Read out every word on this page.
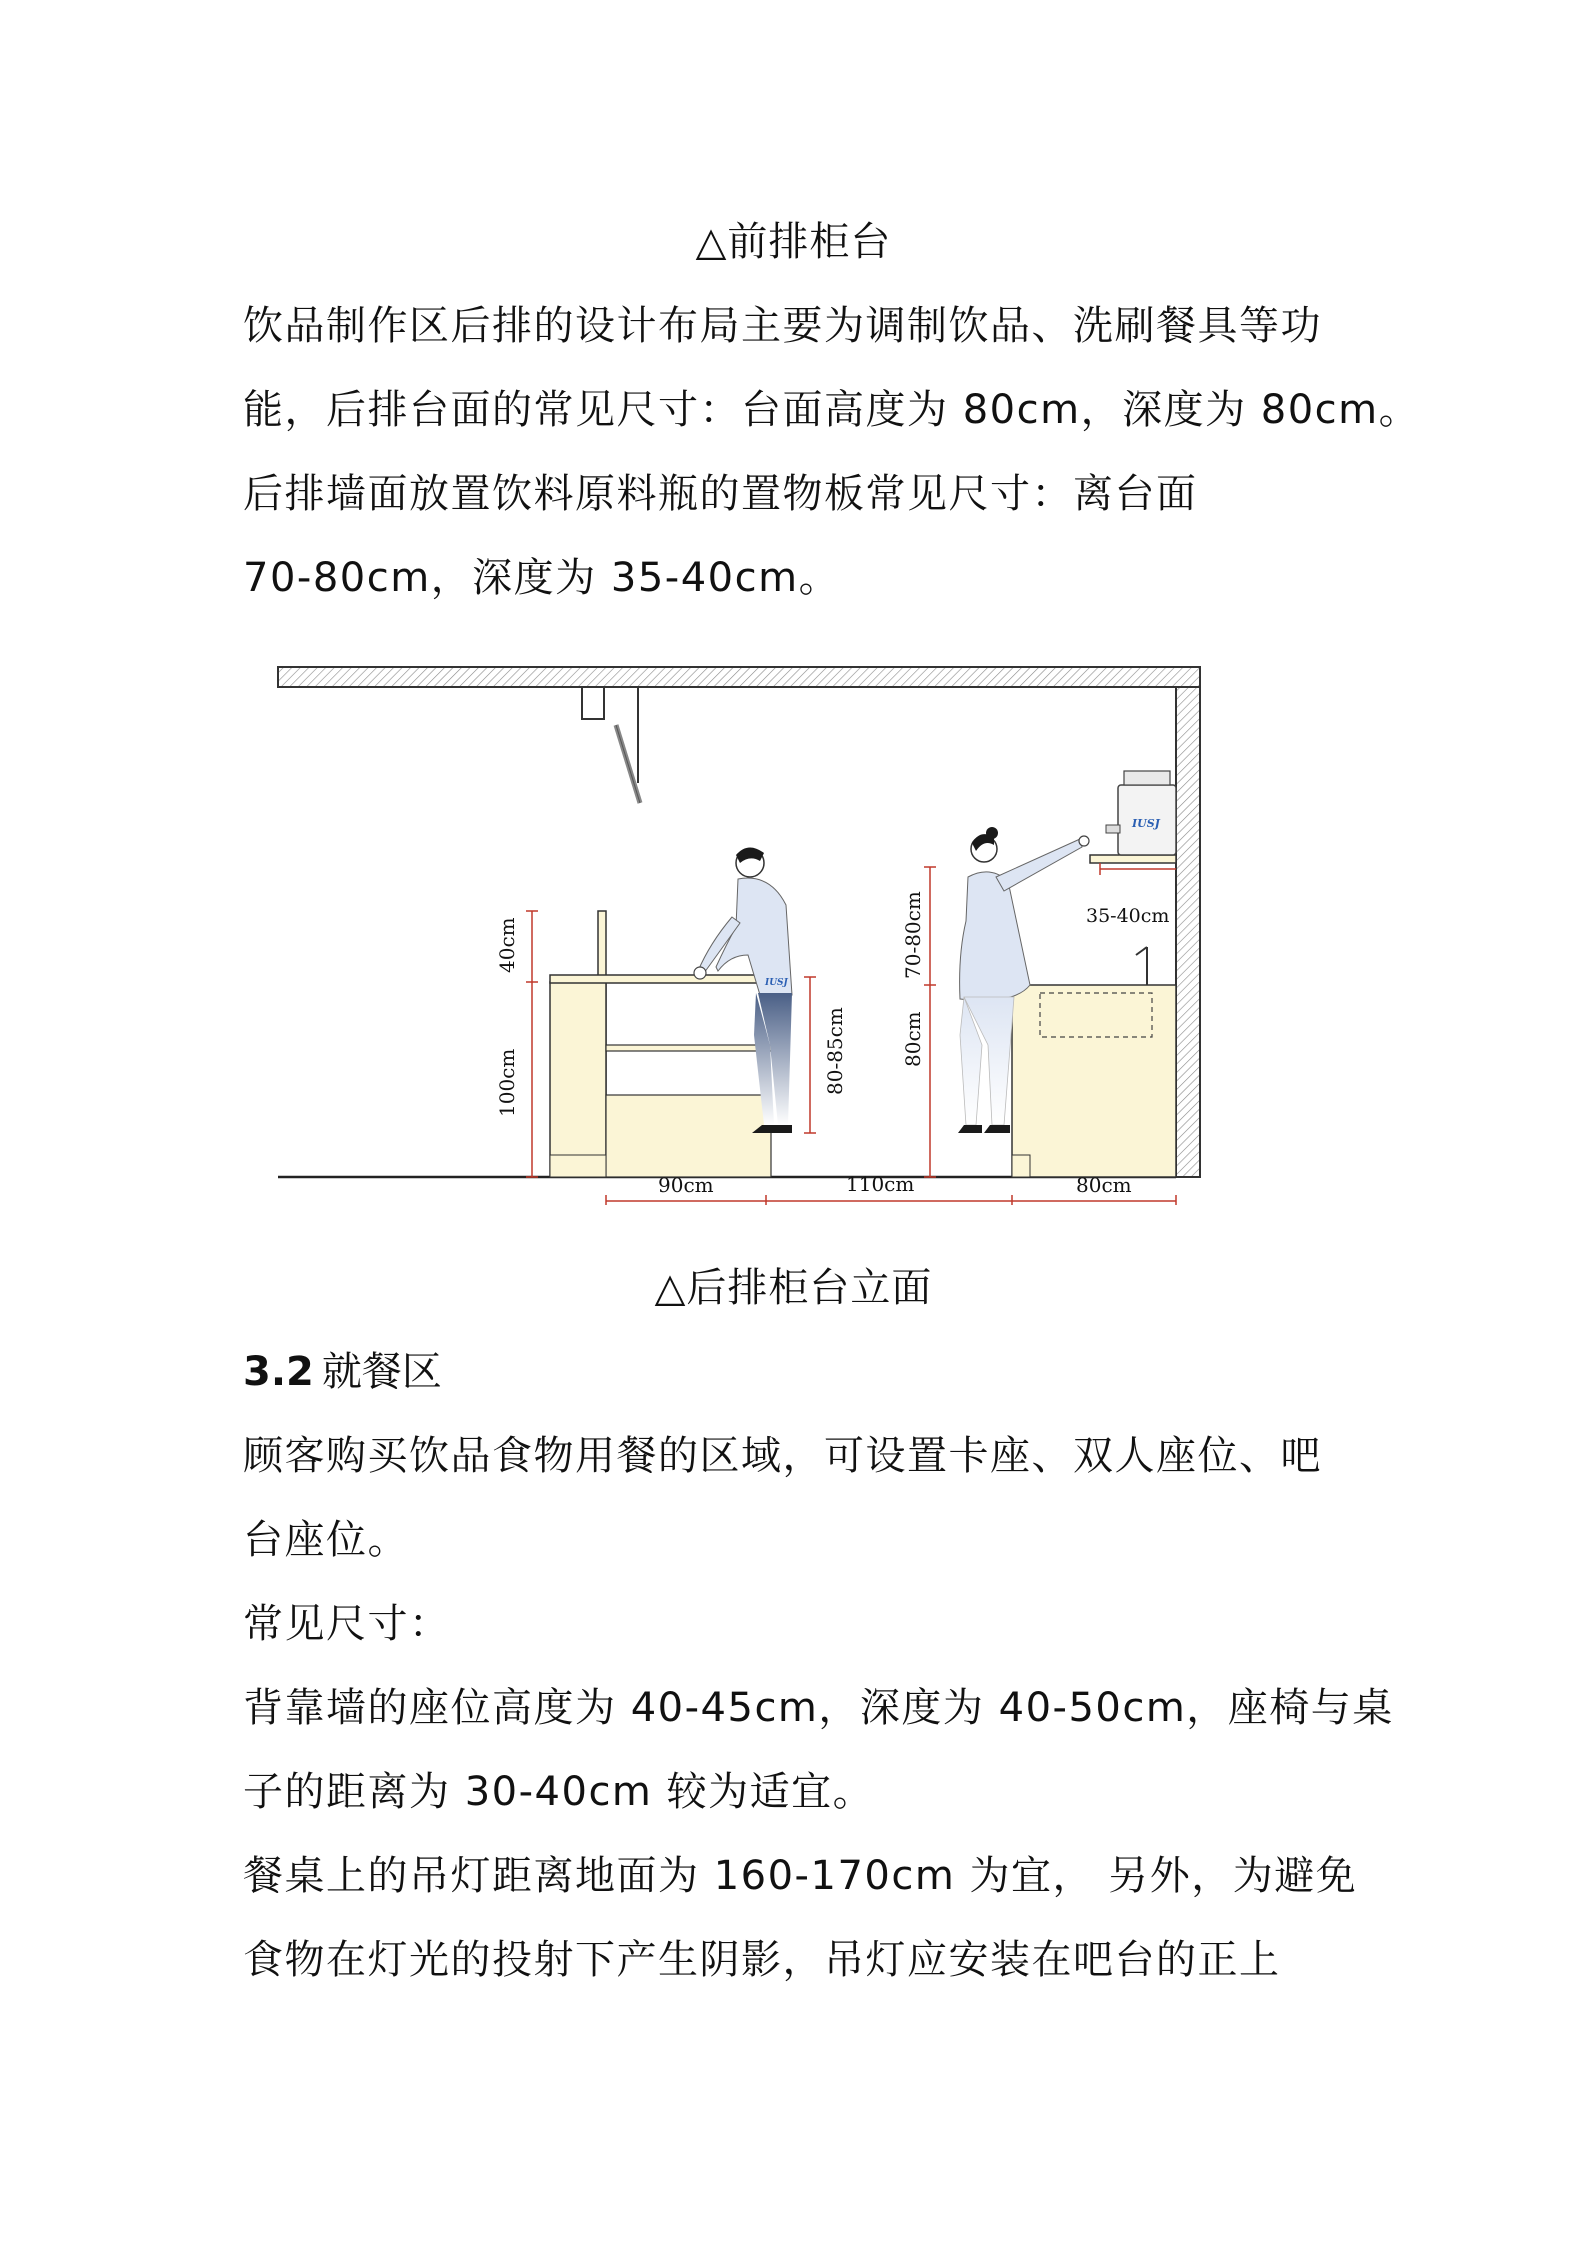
△前排柜台
饮品制作区后排的设计布局主要为调制饮品、洗刷餐具等功
能，后排台面的常见尺寸：台面高度为 80cm，深度为 80cm。
后排墙面放置饮料原料瓶的置物板常见尺寸：离台面
70-80cm，深度为 35-40cm。
IUSJ
IUSJ
40cm
100cm	80-85cm
70-80cm
80cm
35-40cm
90cm	110cm	80cm
△后排柜台立面
3.2 就餐区
顾客购买饮品食物用餐的区域，可设置卡座、双人座位、吧
台座位。
常见尺寸：
背靠墙的座位高度为 40-45cm，深度为 40-50cm，座椅与桌
子的距离为 30-40cm 较为适宜。
餐桌上的吊灯距离地面为 160-170cm 为宜， 另外，为避免
食物在灯光的投射下产生阴影，吊灯应安装在吧台的正上
